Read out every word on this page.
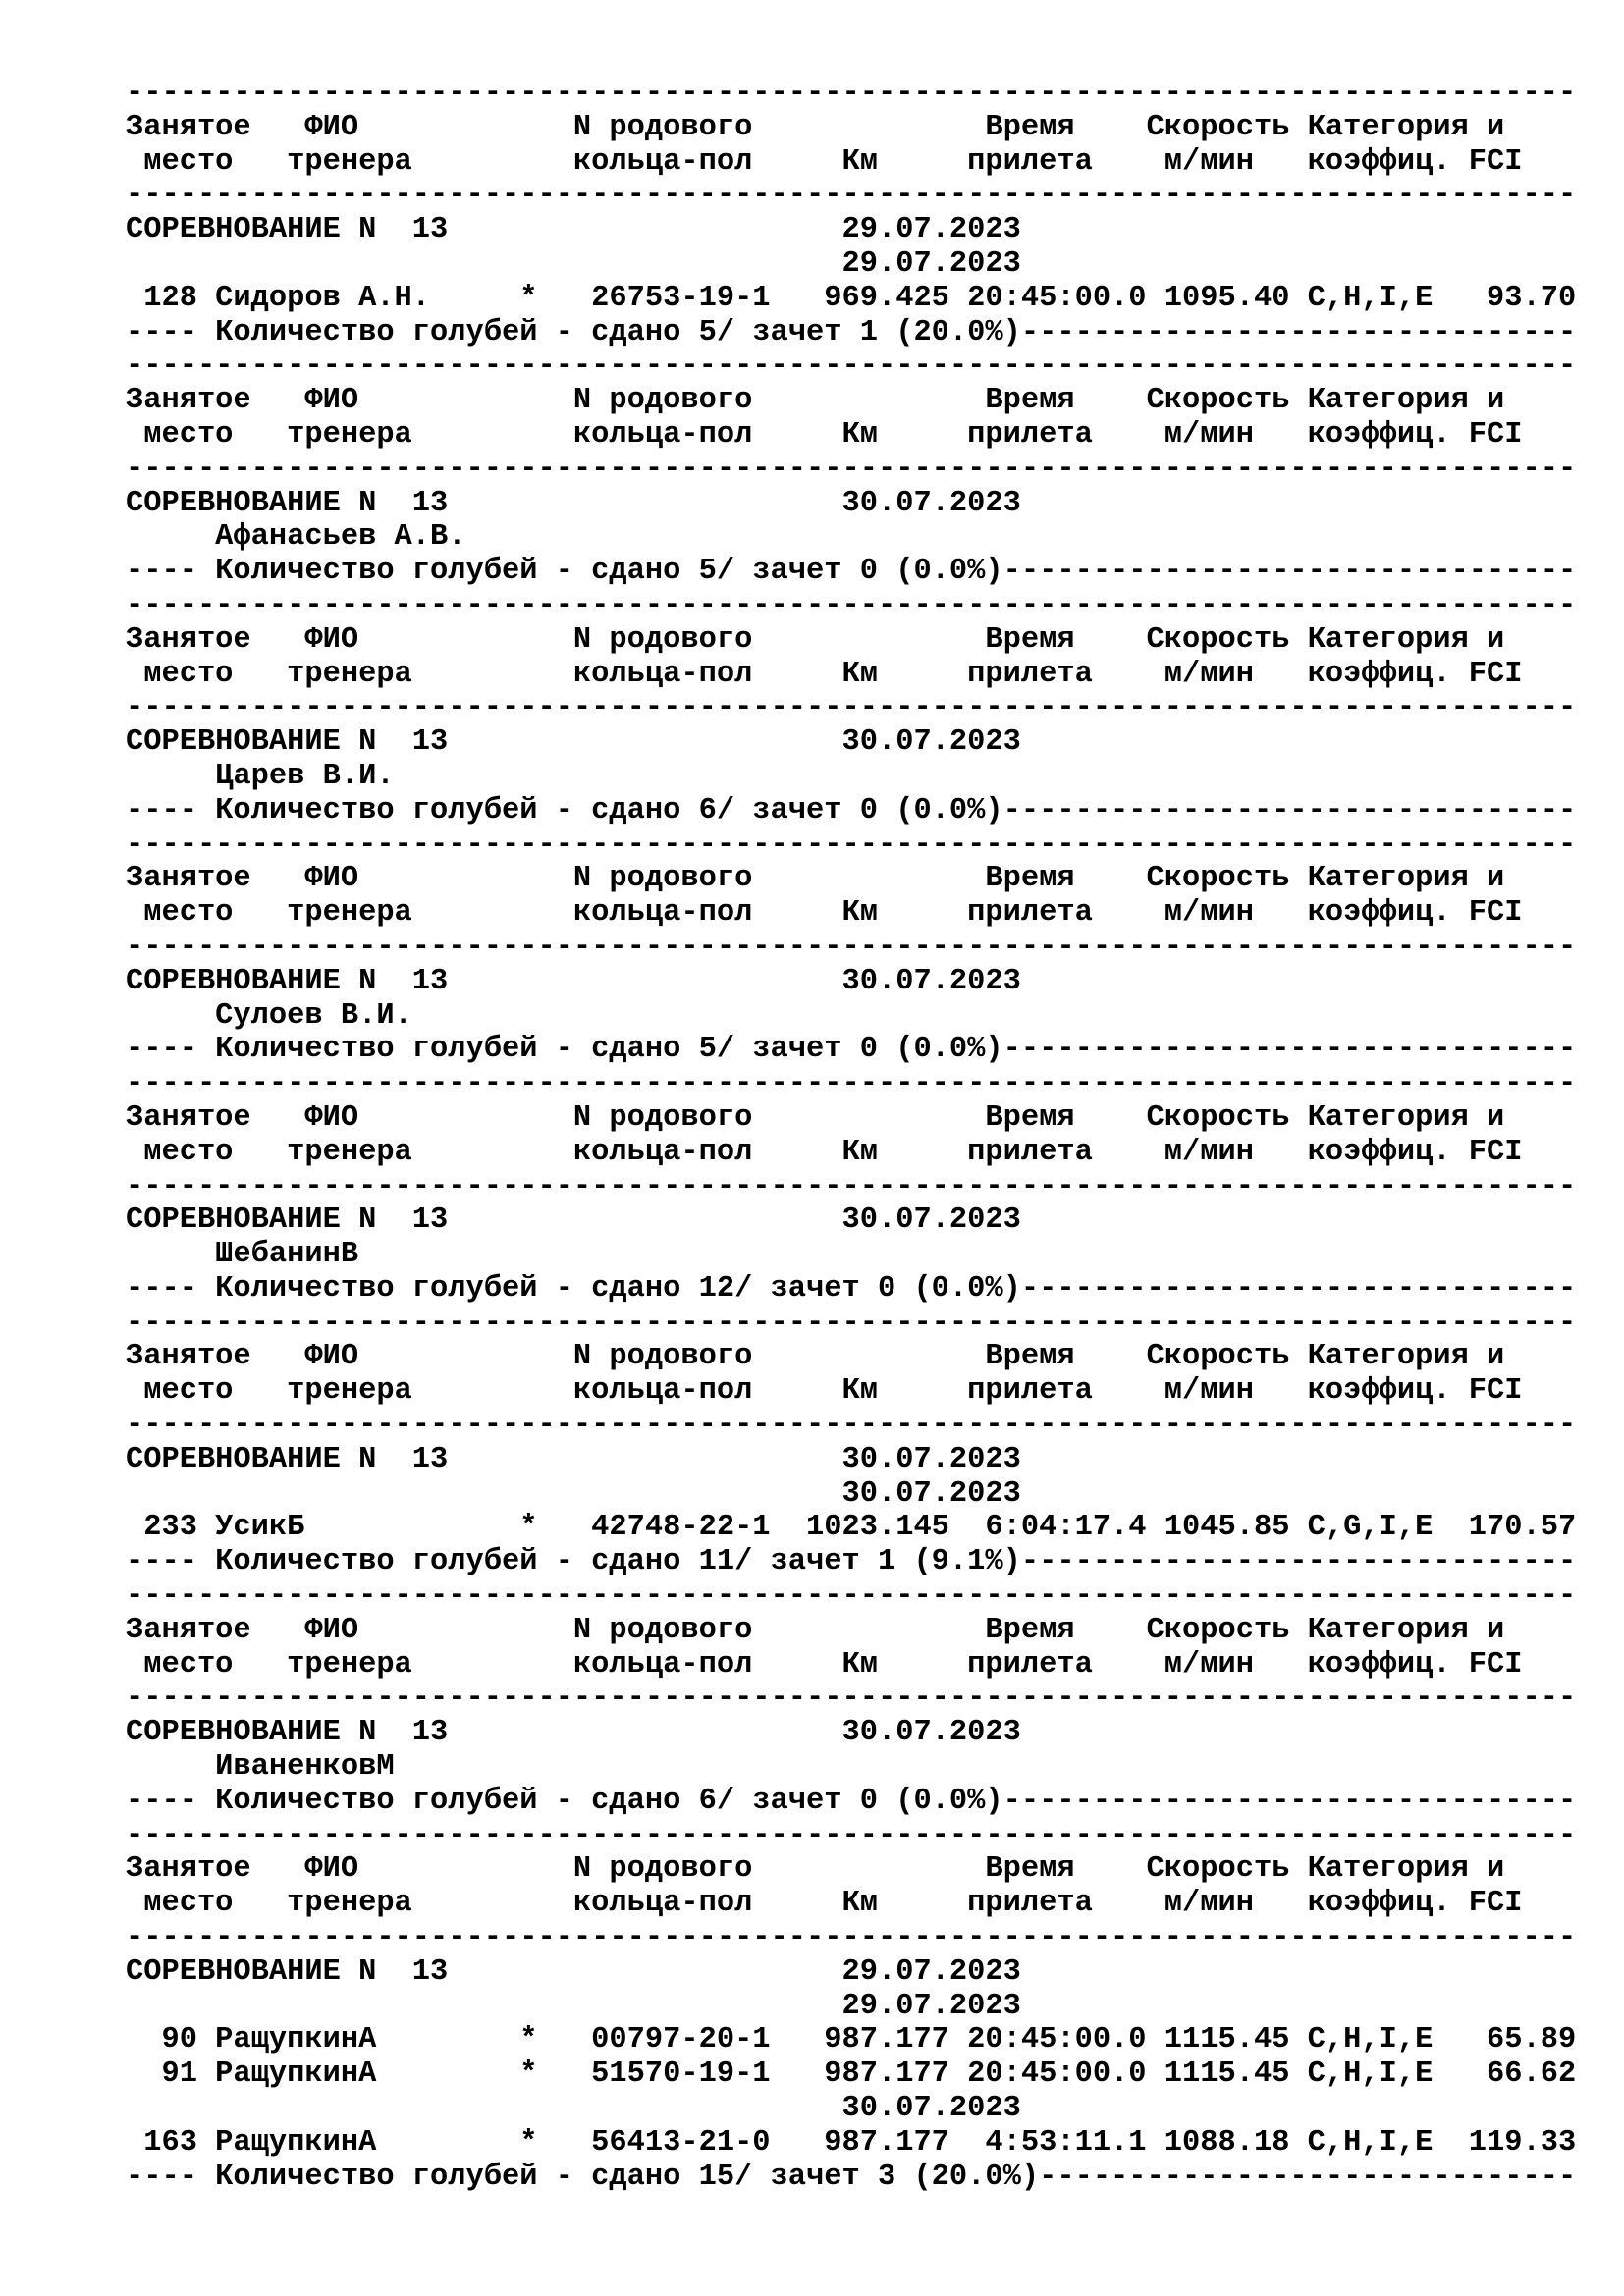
---------------------------------------------------------------------------------
Занятое   ФИО            N родового             Время    Скорость Категория и
место   тренера         кольца-пол     Км     прилета    м/мин   коэффиц. FCI
---------------------------------------------------------------------------------
СОРЕВНОВАНИЕ N  13                      29.07.2023
29.07.2023
128 Сидоров А.Н.     *   26753-19-1   969.425 20:45:00.0 1095.40 C,H,I,E   93.70
---- Количество голубей - сдано 5/ зачет 1 (20.0%)-------------------------------
---------------------------------------------------------------------------------
Занятое   ФИО            N родового             Время    Скорость Категория и
место   тренера         кольца-пол     Км     прилета    м/мин   коэффиц. FCI
---------------------------------------------------------------------------------
СОРЕВНОВАНИЕ N  13                      30.07.2023
Афанасьев А.В.
---- Количество голубей - сдано 5/ зачет 0 (0.0%)--------------------------------
---------------------------------------------------------------------------------
Занятое   ФИО            N родового             Время    Скорость Категория и
место   тренера         кольца-пол     Км     прилета    м/мин   коэффиц. FCI
---------------------------------------------------------------------------------
СОРЕВНОВАНИЕ N  13                      30.07.2023
Царев В.И.
---- Количество голубей - сдано 6/ зачет 0 (0.0%)--------------------------------
---------------------------------------------------------------------------------
Занятое   ФИО            N родового             Время    Скорость Категория и
место   тренера         кольца-пол     Км     прилета    м/мин   коэффиц. FCI
---------------------------------------------------------------------------------
СОРЕВНОВАНИЕ N  13                      30.07.2023
Сулоев В.И.
---- Количество голубей - сдано 5/ зачет 0 (0.0%)--------------------------------
---------------------------------------------------------------------------------
Занятое   ФИО            N родового             Время    Скорость Категория и
место   тренера         кольца-пол     Км     прилета    м/мин   коэффиц. FCI
---------------------------------------------------------------------------------
СОРЕВНОВАНИЕ N  13                      30.07.2023
ШебанинВ
---- Количество голубей - сдано 12/ зачет 0 (0.0%)-------------------------------
---------------------------------------------------------------------------------
Занятое   ФИО            N родового             Время    Скорость Категория и
место   тренера         кольца-пол     Км     прилета    м/мин   коэффиц. FCI
---------------------------------------------------------------------------------
СОРЕВНОВАНИЕ N  13                      30.07.2023
30.07.2023
233 УсикБ            *   42748-22-1  1023.145  6:04:17.4 1045.85 C,G,I,E  170.57
---- Количество голубей - сдано 11/ зачет 1 (9.1%)-------------------------------
---------------------------------------------------------------------------------
Занятое   ФИО            N родового             Время    Скорость Категория и
место   тренера         кольца-пол     Км     прилета    м/мин   коэффиц. FCI
---------------------------------------------------------------------------------
СОРЕВНОВАНИЕ N  13                      30.07.2023
ИваненковМ
---- Количество голубей - сдано 6/ зачет 0 (0.0%)--------------------------------
---------------------------------------------------------------------------------
Занятое   ФИО            N родового             Время    Скорость Категория и
место   тренера         кольца-пол     Км     прилета    м/мин   коэффиц. FCI
---------------------------------------------------------------------------------
СОРЕВНОВАНИЕ N  13                      29.07.2023
29.07.2023
90 РащупкинА        *   00797-20-1   987.177 20:45:00.0 1115.45 C,H,I,E   65.89
91 РащупкинА        *   51570-19-1   987.177 20:45:00.0 1115.45 C,H,I,E   66.62
30.07.2023
163 РащупкинА        *   56413-21-0   987.177  4:53:11.1 1088.18 C,H,I,E  119.33
---- Количество голубей - сдано 15/ зачет 3 (20.0%)------------------------------
